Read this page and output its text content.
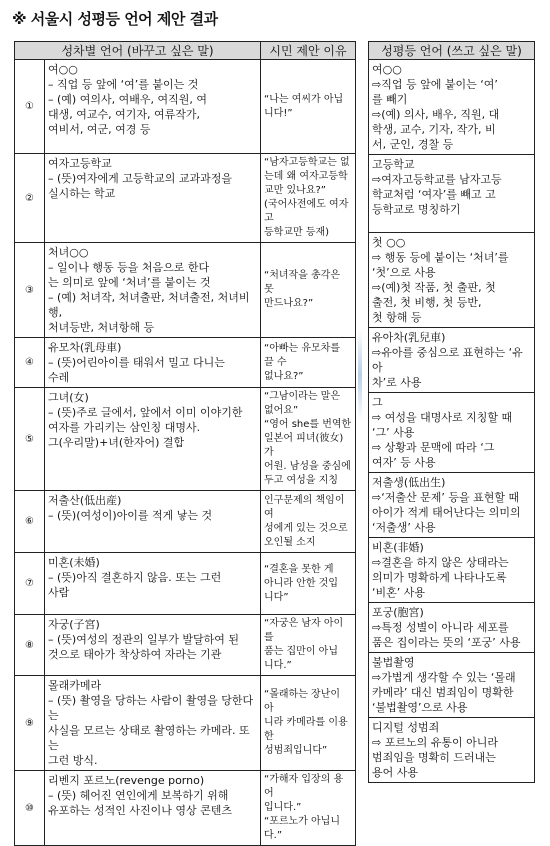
※ 서울시 성평등 언어 제안 결과
성차별 언어 (바꾸고 싶은 말)		시민 제안 이유
①	여○○
– 직업 등 앞에 ‘여’를 붙이는 것
– (예) 여의사, 여배우, 여직원, 여
대생, 여교수, 여기자, 여류작가,
여비서, 여군, 여경 등	“나는 여씨가 아닙니다!”

②	여자고등학교
– (뜻)여자에게 고등학교의 교과과정을
실시하는 학교	“남자고등학교는 없
는데 왜 여자고등학
교만 있나요?”
(국어사전에도 여자고
등학교만 등재)

③	처녀○○
– 일이나 행동 등을 처음으로 한다
는 의미로 앞에 ‘처녀’를 붙이는 것
– (예) 처녀작, 처녀출판, 처녀출전, 처녀비행,
처녀등반, 처녀항해 등	“처녀작을 총각은 못
만드나요?”

④	유모차(乳母車)
– (뜻)어린아이를 태워서 밀고 다니는
수레	“아빠는 유모차를 끌 수
없나요?”

⑤	그녀(女)
– (뜻)주로 글에서, 앞에서 이미 이야기한
여자를 가리키는 삼인칭 대명사.
그(우리말)+녀(한자어) 결합	“그남이라는 말은 없어요”
“영어 she를 번역한
일본어 피녀(彼女)가
어원. 남성을 중심에
두고 여성을 지칭

⑥	저출산(低出産)
– (뜻)(여성이)아이를 적게 낳는 것	인구문제의 책임이 여
성에게 있는 것으로
오인될 소지

⑦	미혼(未婚)
– (뜻)아직 결혼하지 않음. 또는 그런
사람	“결혼을 못한 게
아니라 안한 것입
니다”

⑧	자궁(子宮)
– (뜻)여성의 정관의 일부가 발달하여 된
것으로 태아가 착상하여 자라는 기관	“자궁은 남자 아이를
품는 집만이 아닙
니다.”

⑨	몰래카메라
– (뜻) 촬영을 당하는 사람이 촬영을 당한다는
사실을 모르는 상태로 촬영하는 카메라. 또는
그런 방식.	“몰래하는 장난이 아
니라 카메라를 이용한
성범죄입니다”

⑩	리벤지 포르노(revenge porno)
– (뜻) 헤어진 연인에게 보복하기 위해
유포하는 성적인 사진이나 영상 콘텐츠	“가해자 입장의 용어
입니다.”
“포르노가 아닙니다.”
성평등 언어 (쓰고 싶은 말)

여○○
⇨직업 등 앞에 붙이는 ‘여’
를 빼기
⇨(예) 의사, 배우, 직원, 대
학생, 교수, 기자, 작가, 비
서, 군인, 경찰 등

고등학교
⇨여자고등학교를 남자고등
학교처럼 ‘여자’를 빼고 고
등학교로 명칭하기

첫 ○○
⇨ 행동 등에 붙이는 ‘처녀’를
‘첫’으로 사용
⇨(예)첫 작품, 첫 출판, 첫
출전, 첫 비행, 첫 등반,
첫 항해 등

유아차(乳兒車)
⇨유아를 중심으로 표현하는 ‘유아
차’로 사용

그
⇨ 여성을 대명사로 지칭할 때
‘그’ 사용
⇨ 상황과 문맥에 따라 ‘그
여자’ 등 사용

저출생(低出生)
⇨‘저출산 문제’ 등을 표현할 때
아이가 적게 태어난다는 의미의
‘저출생’ 사용

비혼(非婚)
⇨결혼을 하지 않은 상태라는
의미가 명확하게 나타나도록
‘비혼’ 사용

포궁(胞宮)
⇨특정 성별이 아니라 세포를
품은 집이라는 뜻의 ‘포궁’ 사용

불법촬영
⇨가볍게 생각할 수 있는 ‘몰래
카메라’ 대신 범죄임이 명확한
‘불법촬영’으로 사용

디지털 성범죄
⇨ 포르노의 유통이 아니라
범죄임을 명확히 드러내는
용어 사용
